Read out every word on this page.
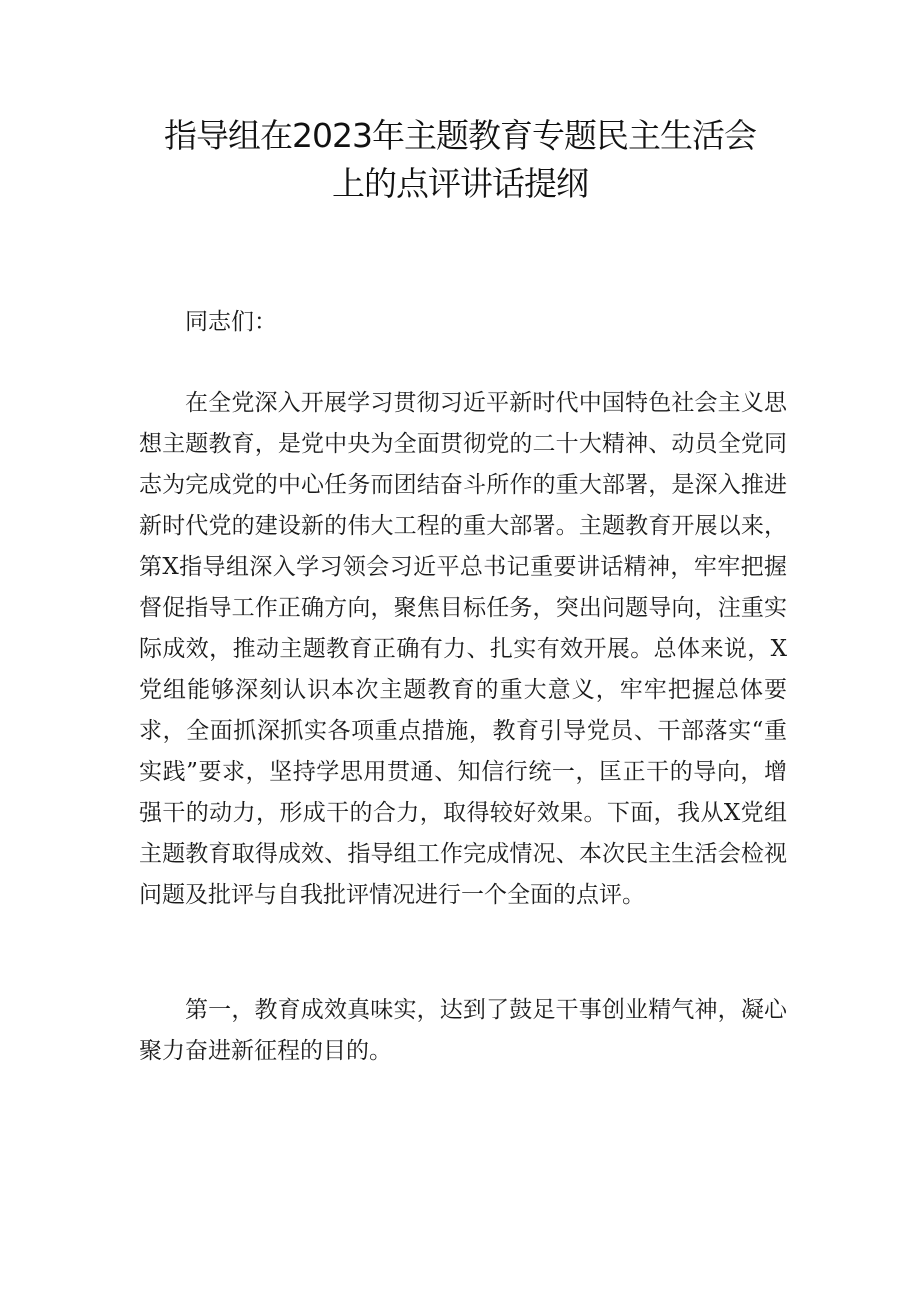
指导组在2023年主题教育专题民主生活会
上的点评讲话提纲

同志们：

在全党深入开展学习贯彻习近平新时代中国特色社会主义思想主题教育，是党中央为全面贯彻党的二十大精神、动员全党同志为完成党的中心任务而团结奋斗所作的重大部署，是深入推进新时代党的建设新的伟大工程的重大部署。主题教育开展以来，第X指导组深入学习领会习近平总书记重要讲话精神，牢牢把握督促指导工作正确方向，聚焦目标任务，突出问题导向，注重实际成效，推动主题教育正确有力、扎实有效开展。总体来说，X党组能够深刻认识本次主题教育的重大意义，牢牢把握总体要求，全面抓深抓实各项重点措施，教育引导党员、干部落实“重实践”要求，坚持学思用贯通、知信行统一，匡正干的导向，增强干的动力，形成干的合力，取得较好效果。下面，我从X党组主题教育取得成效、指导组工作完成情况、本次民主生活会检视问题及批评与自我批评情况进行一个全面的点评。

第一，教育成效真味实，达到了鼓足干事创业精气神，凝心聚力奋进新征程的目的。
